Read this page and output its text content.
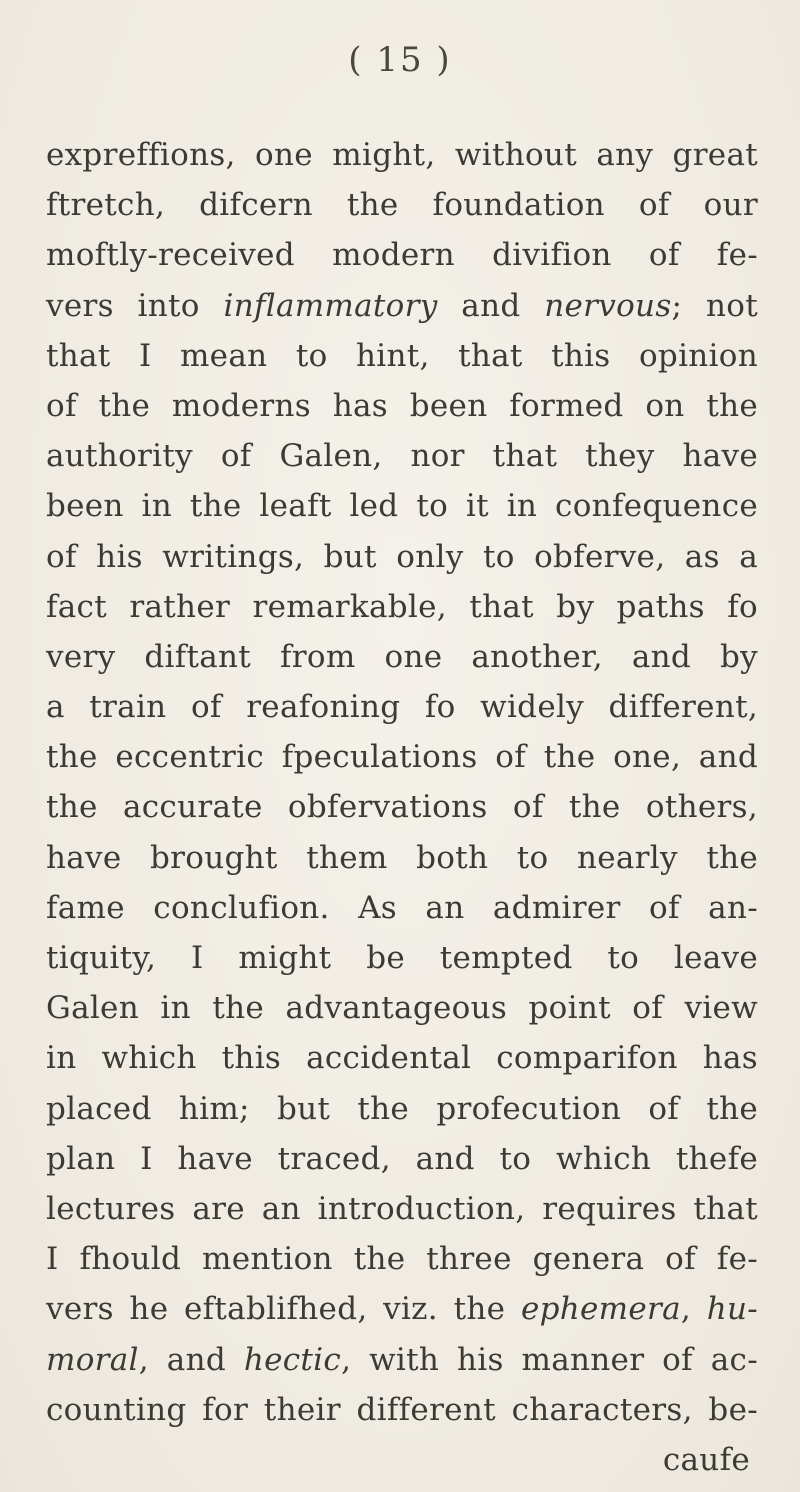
( 15 )
expreffions, one might, without any great
ftretch, difcern the foundation of our
moftly-received modern divifion of fe-
vers into inflammatory and nervous; not
that I mean to hint, that this opinion
of the moderns has been formed on the
authority of Galen, nor that they have
been in the leaft led to it in confequence
of his writings, but only to obferve, as a
fact rather remarkable, that by paths fo
very diftant from one another, and by
a train of reafoning fo widely different,
the eccentric fpeculations of the one, and
the accurate obfervations of the others,
have brought them both to nearly the
fame conclufion. As an admirer of an-
tiquity, I might be tempted to leave
Galen in the advantageous point of view
in which this accidental comparifon has
placed him; but the profecution of the
plan I have traced, and to which thefe
lectures are an introduction, requires that
I fhould mention the three genera of fe-
vers he eftablifhed, viz. the ephemera, hu-
moral, and hectic, with his manner of ac-
counting for their different characters, be-
caufe
